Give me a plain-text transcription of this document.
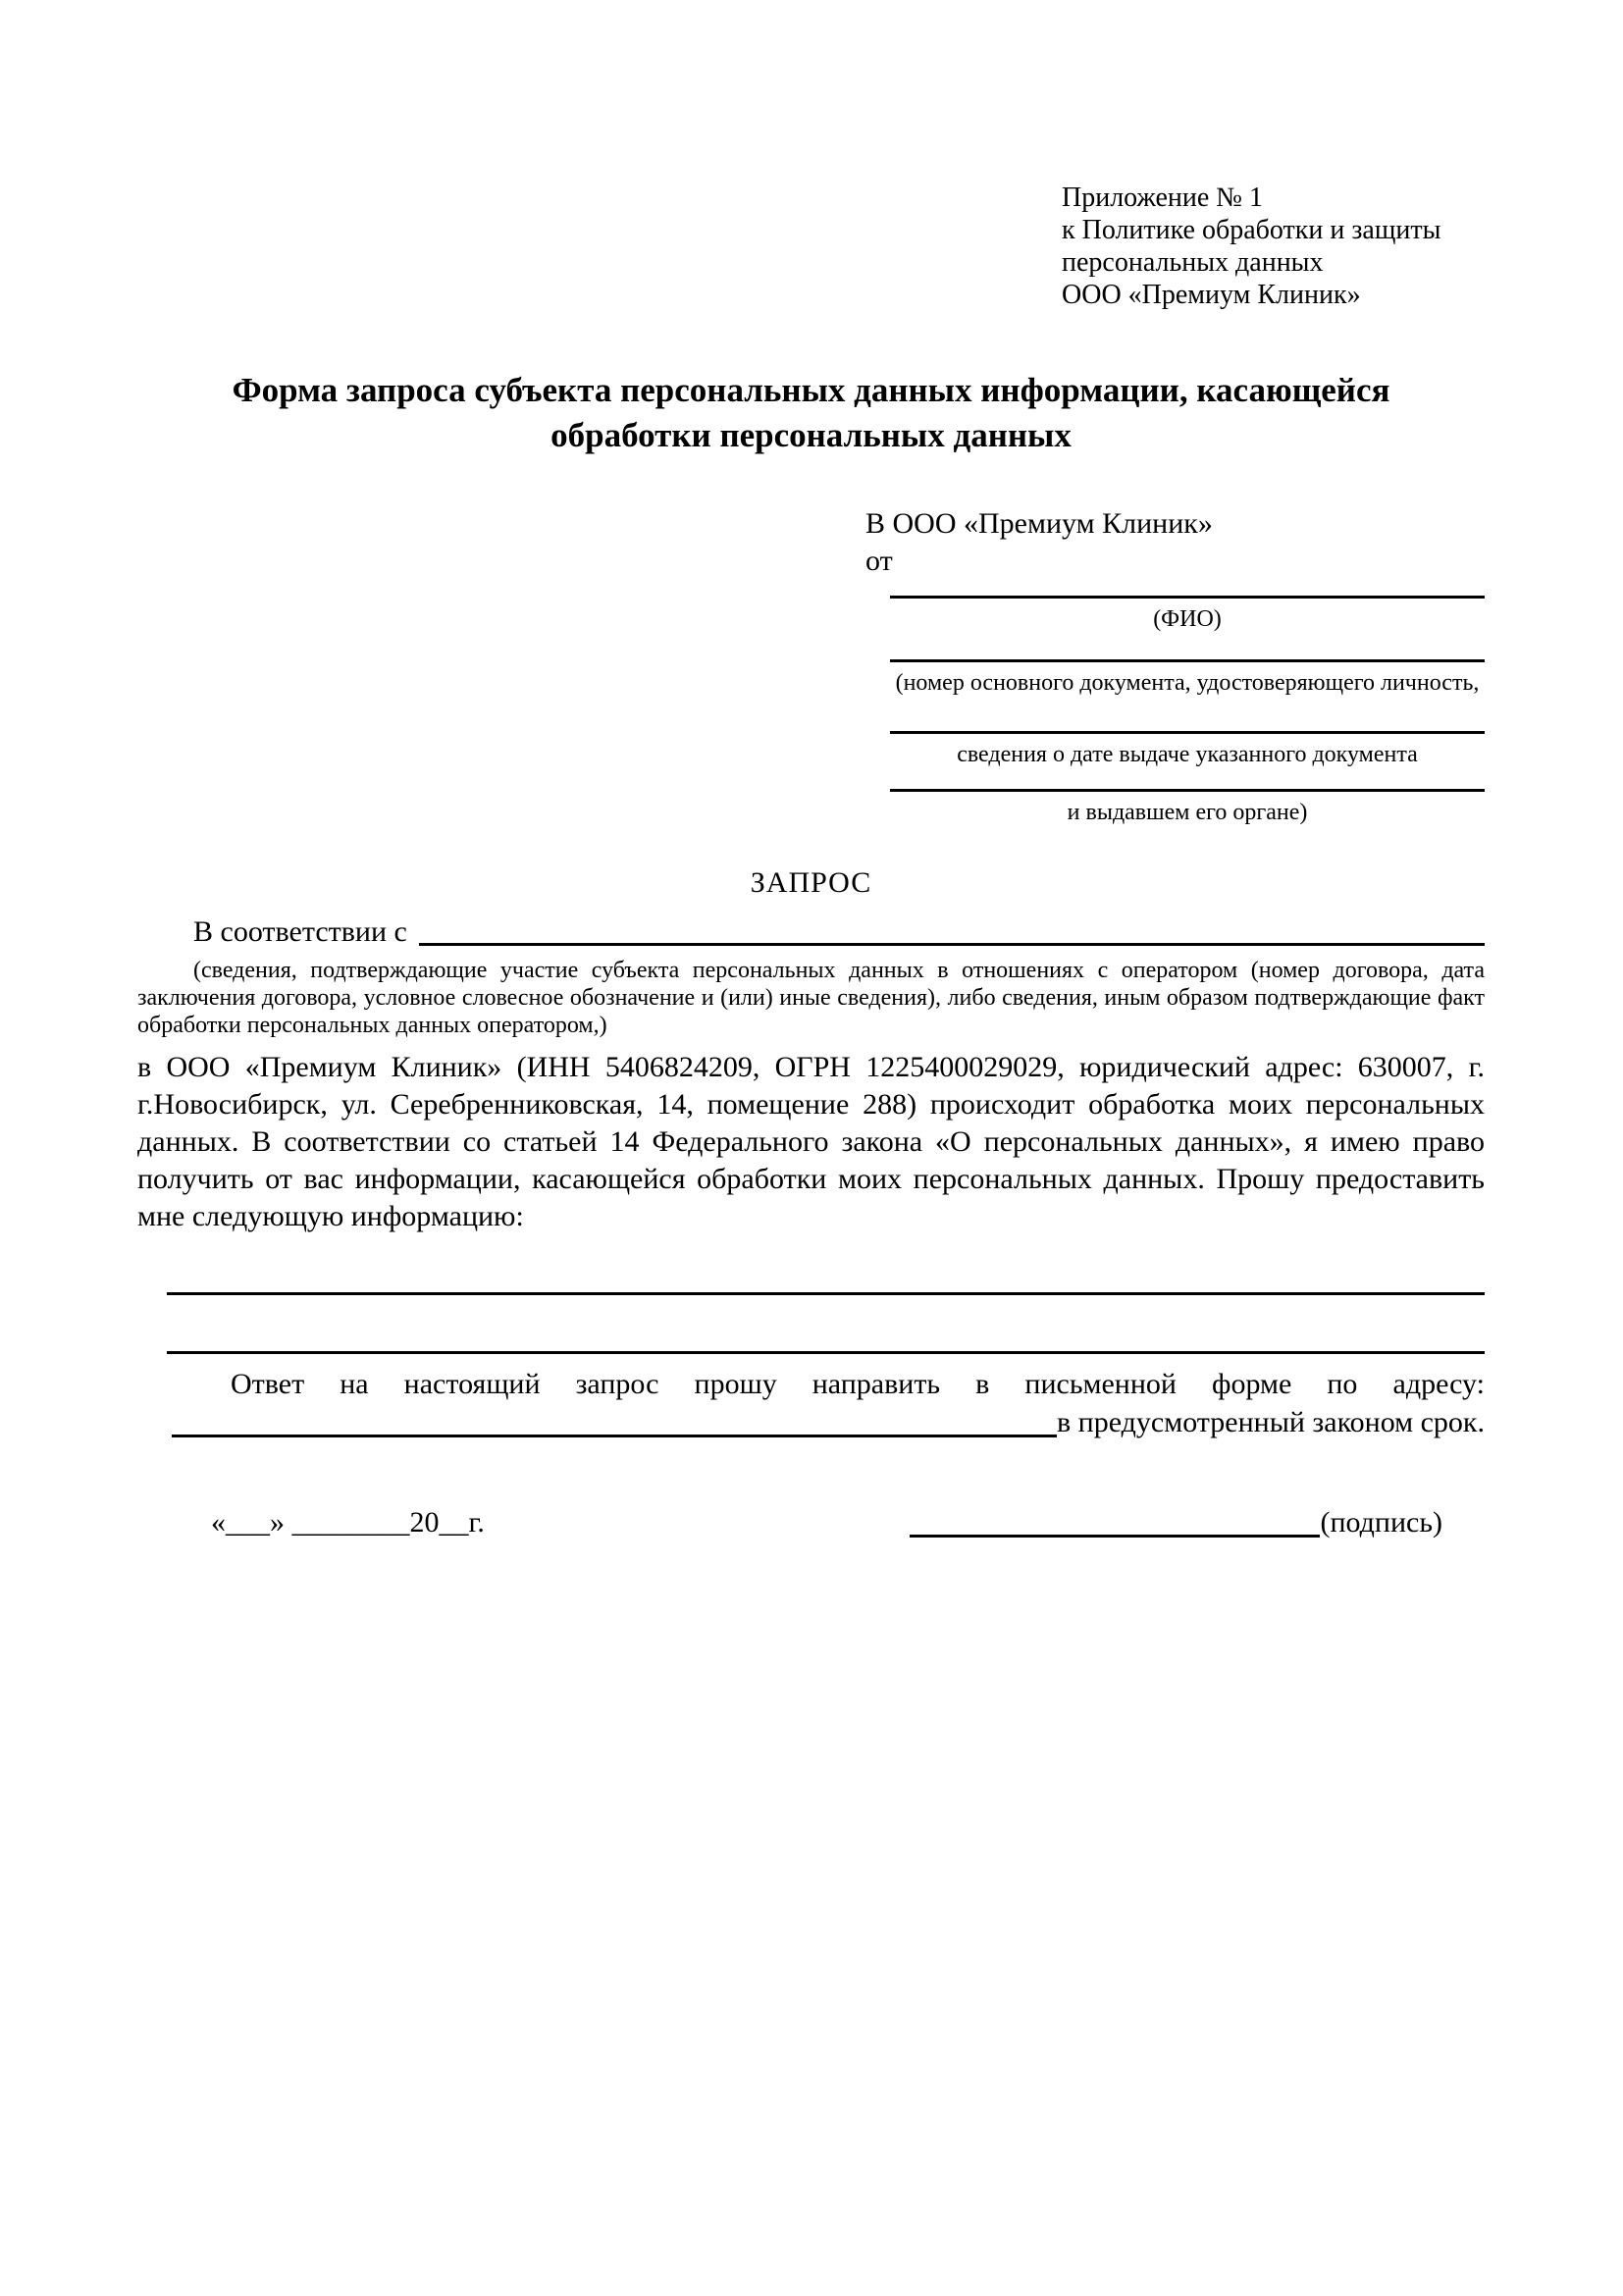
Приложение № 1
к Политике обработки и защиты
персональных данных
ООО «Премиум Клиник»
Форма запроса субъекта персональных данных информации, касающейся обработки персональных данных
В ООО «Премиум Клиник»
от
(ФИО)
(номер основного документа, удостоверяющего личность,
сведения о дате выдаче указанного документа
и выдавшем его органе)
ЗАПРОС
В соответствии с

(сведения, подтверждающие участие субъекта персональных данных в отношениях с оператором (номер договора, дата заключения договора, условное словесное обозначение и (или) иные сведения), либо сведения, иным образом подтверждающие факт обработки персональных данных оператором,)

в ООО «Премиум Клиник» (ИНН 5406824209, ОГРН 1225400029029, юридический адрес: 630007, г. г.Новосибирск, ул. Серебренниковская, 14, помещение 288) происходит обработка моих персональных данных. В соответствии со статьей 14 Федерального закона «О персональных данных», я имею право получить от вас информации, касающейся обработки моих персональных данных. Прошу предоставить мне следующую информацию:

Ответ на настоящий запрос прошу направить в письменной форме по адресу:

в предусмотренный законом срок.
«___» ________20__г.	(подпись)
